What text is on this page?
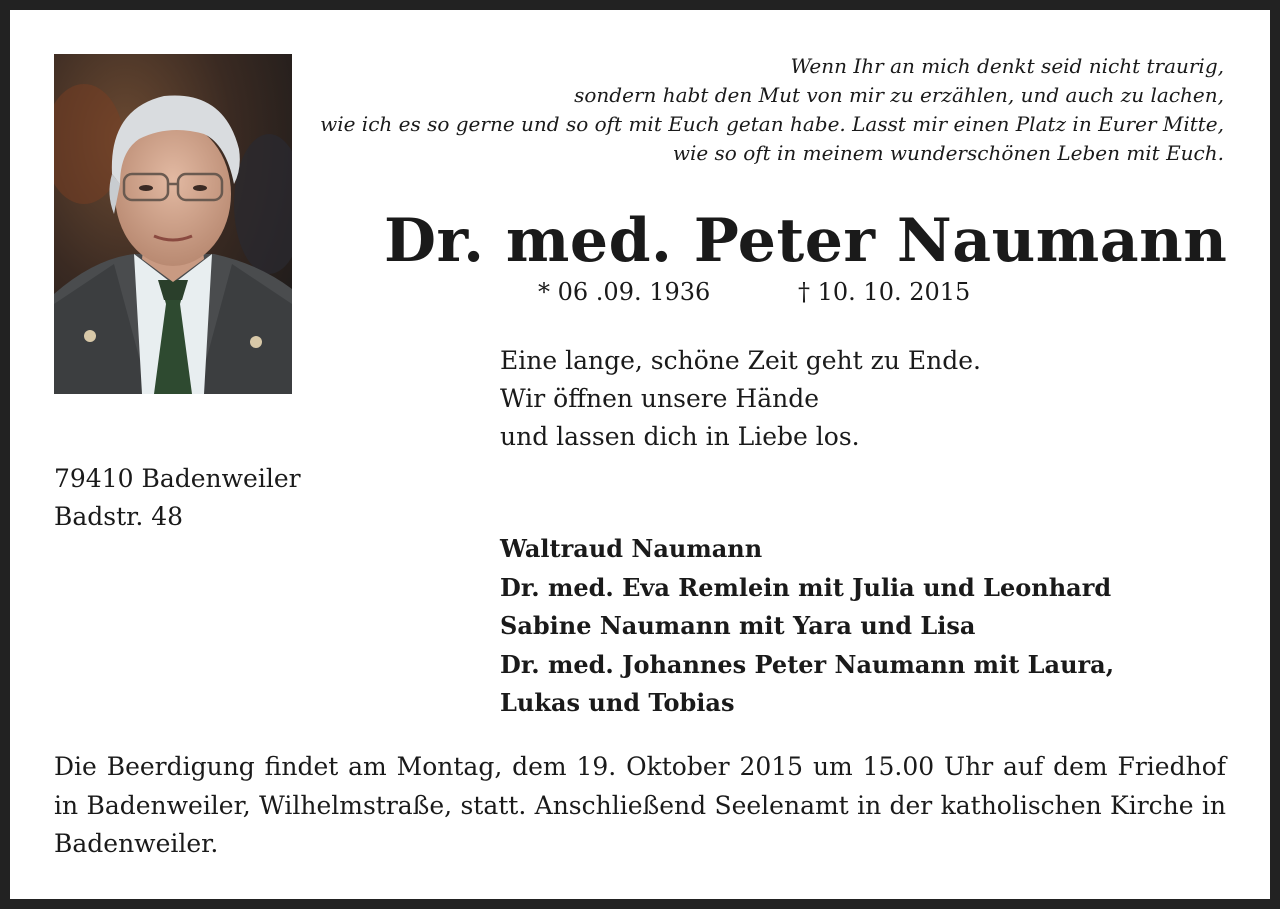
Wenn Ihr an mich denkt seid nicht traurig,
sondern habt den Mut von mir zu erzählen, und auch zu lachen,
wie ich es so gerne und so oft mit Euch getan habe. Lasst mir einen Platz in Eurer Mitte,
wie so oft in meinem wunderschönen Leben mit Euch.
Dr. med. Peter Naumann
* 06 .09. 1936	† 10. 10. 2015
Eine lange, schöne Zeit geht zu Ende.
Wir öffnen unsere Hände
und lassen dich in Liebe los.
79410 Badenweiler
Badstr. 48
Waltraud Naumann
Dr. med. Eva Remlein mit Julia und Leonhard
Sabine Naumann mit Yara und Lisa
Dr. med. Johannes Peter Naumann mit Laura,
Lukas und Tobias
Die Beerdigung findet am Montag, dem 19. Oktober 2015 um 15.00 Uhr auf dem Friedhof in Badenweiler, Wilhelmstraße, statt. Anschließend Seelenamt in der katholischen Kirche in Badenweiler.
